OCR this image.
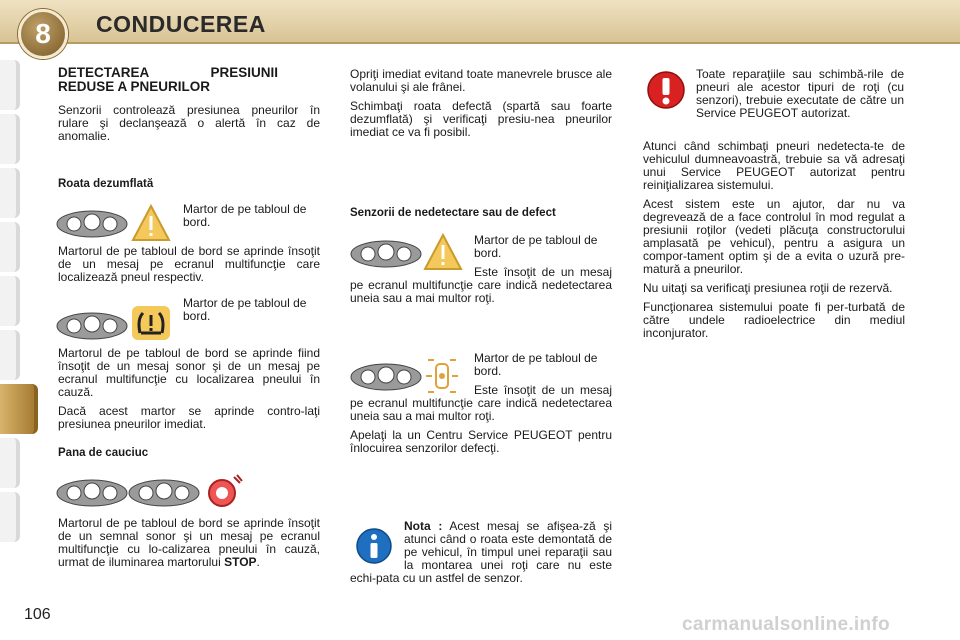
8	CONDUCEREA

DETECTAREA PRESIUNII REDUSE A PNEURILOR

Senzorii controlează presiunea pneurilor în rulare şi declanşează o alertă în caz de anomalie.

Roata dezumflată

Martor de pe tabloul de bord.

Martorul de pe tabloul de bord se aprinde însoţit de un mesaj pe ecranul multifuncţie care localizează pneul respectiv.

Martor de pe tabloul de bord.

Martorul de pe tabloul de bord se aprinde fiind însoţit de un mesaj sonor şi de un mesaj pe ecranul multifuncţie cu localizarea pneului în cauză.

Dacă acest martor se aprinde contro-laţi presiunea pneurilor imediat.

Pana de cauciuc

Martorul de pe tabloul de bord se aprinde însoţit de un semnal sonor şi un mesaj pe ecranul multifuncţie cu lo-calizarea pneului în cauză, urmat de iluminarea martorului STOP.

Opriţi imediat evitand toate manevrele brusce ale volanului şi ale frânei.

Schimbaţi roata defectă (spartă sau foarte dezumflată) şi verificaţi presiu-nea pneurilor imediat ce va fi posibil.

Senzorii de nedetectare sau de defect

Martor de pe tabloul de bord.

Este însoţit de un mesaj pe ecranul multifuncţie care indică nedetectarea uneia sau a mai multor roţi.

Martor de pe tabloul de bord.

Este însoţit de un mesaj pe ecranul multifuncţie care indică nedetectarea uneia sau a mai multor roţi.

Apelaţi la un Centru Service PEUGEOT pentru înlocuirea senzorilor defecţi.

Nota : Acest mesaj se afişea-ză şi atunci când o roata este demontată de pe vehicul, în timpul unei reparaţii sau la montarea unei roţi care nu este echi-pata cu un astfel de senzor.

Toate reparaţiile sau schimbă-rile de pneuri ale acestor tipuri de roţi (cu senzori), trebuie executate de către un Service PEUGEOT autorizat.

Atunci când schimbaţi pneuri nedetecta-te de vehiculul dumneavoastră, trebuie sa vă adresaţi unui Service PEUGEOT autorizat pentru reiniţializarea sistemului.

Acest sistem este un ajutor, dar nu va degrevează de a face controlul în mod regulat a presiunii roţilor (vedeti plăcuţa constructorului amplasată pe vehicul), pentru a asigura un compor-tament optim şi de a evita o uzură pre-matură a pneurilor.

Nu uitaţi sa verificaţi presiunea roţii de rezervă.

Funcţionarea sistemului poate fi per-turbată de către undele radioelectrice din mediul inconjurator.

106	carmanualsonline.info
